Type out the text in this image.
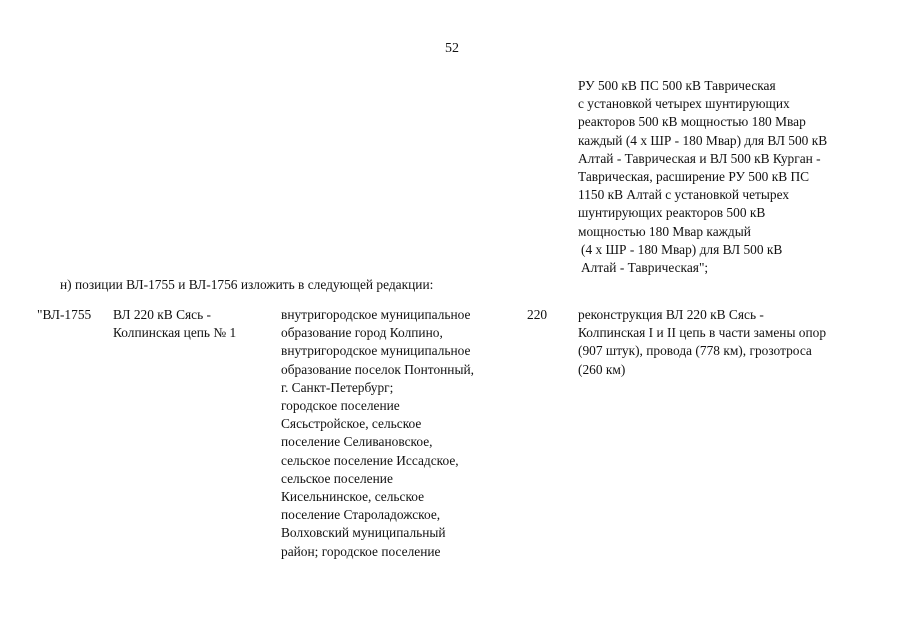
52
РУ 500 кВ ПС 500 кВ Таврическая
с установкой четырех шунтирующих
реакторов 500 кВ мощностью 180 Мвар
каждый (4 х ШР - 180 Мвар) для ВЛ 500 кВ
Алтай - Таврическая и ВЛ 500 кВ Курган -
Таврическая, расширение РУ 500 кВ ПС
1150 кВ Алтай с установкой четырех
шунтирующих реакторов 500 кВ
мощностью 180 Мвар каждый
(4 х ШР - 180 Мвар) для ВЛ 500 кВ
Алтай - Таврическая";
н) позиции ВЛ-1755 и ВЛ-1756 изложить в следующей редакции:
"ВЛ-1755 ВЛ 220 кВ Сясь -
Колпинская цепь № 1
внутригородское муниципальное
образование город Колпино,
внутригородское муниципальное
образование поселок Понтонный,
г. Санкт-Петербург;
городское поселение
Сясьстройское, сельское
поселение Селивановское,
сельское поселение Иссадское,
сельское поселение
Кисельнинское, сельское
поселение Староладожское,
Волховский муниципальный
район; городское поселение
220 реконструкция ВЛ 220 кВ Сясь -
Колпинская I и II цепь в части замены опор
(907 штук), провода (778 км), грозотроса
(260 км)
